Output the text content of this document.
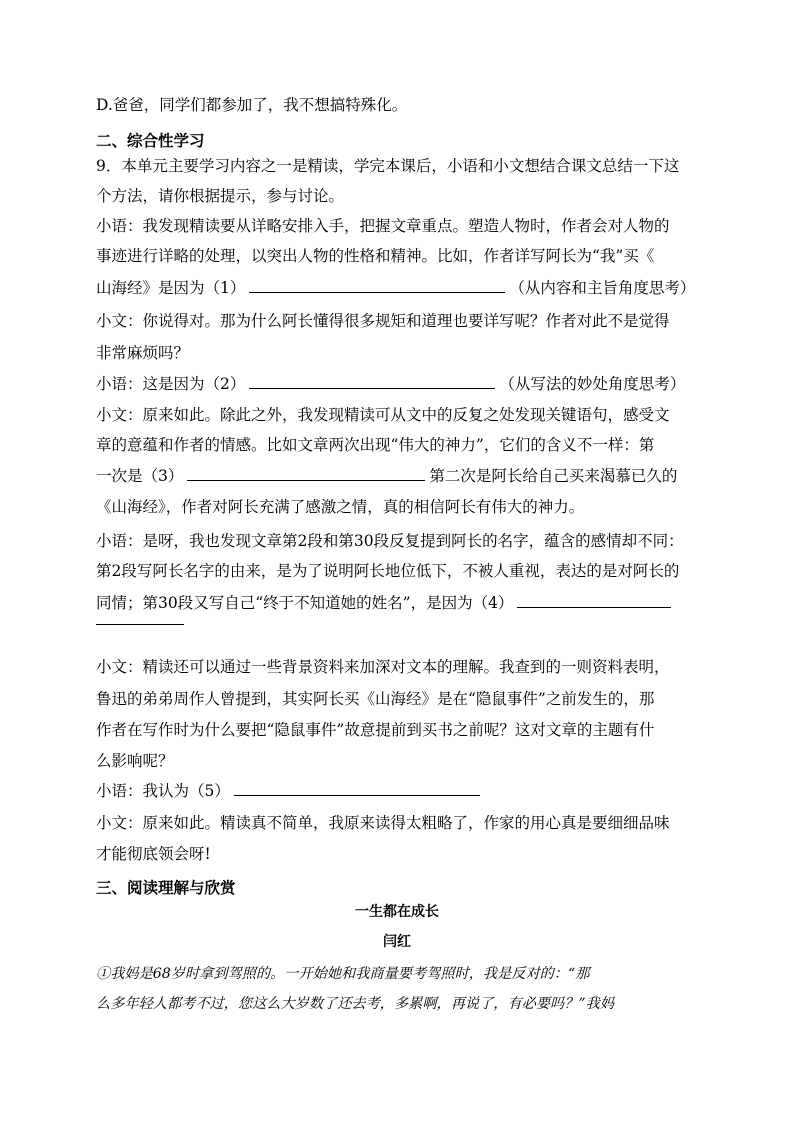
D.爸爸，同学们都参加了，我不想搞特殊化。
二、综合性学习
9．本单元主要学习内容之一是精读，学完本课后，小语和小文想结合课文总结一下这
个方法，请你根据提示，参与讨论。
小语：我发现精读要从详略安排入手，把握文章重点。塑造人物时，作者会对人物的
事迹进行详略的处理，以突出人物的性格和精神。比如，作者详写阿长为“我”买《
山海经》是因为（1）	（从内容和主旨角度思考）
小文：你说得对。那为什么阿长懂得很多规矩和道理也要详写呢？作者对此不是觉得
非常麻烦吗？
小语：这是因为（2）	（从写法的妙处角度思考）
小文：原来如此。除此之外，我发现精读可从文中的反复之处发现关键语句，感受文
章的意蕴和作者的情感。比如文章两次出现“伟大的神力”，它们的含义不一样：第
一次是（3）	第二次是阿长给自己买来渴慕已久的
《山海经》，作者对阿长充满了感激之情，真的相信阿长有伟大的神力。
小语：是呀，我也发现文章第2段和第30段反复提到阿长的名字，蕴含的感情却不同：
第2段写阿长名字的由来，是为了说明阿长地位低下，不被人重视，表达的是对阿长的
同情；第30段又写自己“终于不知道她的姓名”，是因为（4）
小文：精读还可以通过一些背景资料来加深对文本的理解。我查到的一则资料表明，
鲁迅的弟弟周作人曾提到，其实阿长买《山海经》是在“隐鼠事件”之前发生的，那
作者在写作时为什么要把“隐鼠事件”故意提前到买书之前呢？这对文章的主题有什
么影响呢？
小语：我认为（5）
小文：原来如此。精读真不简单，我原来读得太粗略了，作家的用心真是要细细品味
才能彻底领会呀!
三、阅读理解与欣赏
一生都在成长
闫红
①我妈是68岁时拿到驾照的。一开始她和我商量要考驾照时，我是反对的：“那
么多年轻人都考不过，您这么大岁数了还去考，多累啊，再说了，有必要吗？”我妈
